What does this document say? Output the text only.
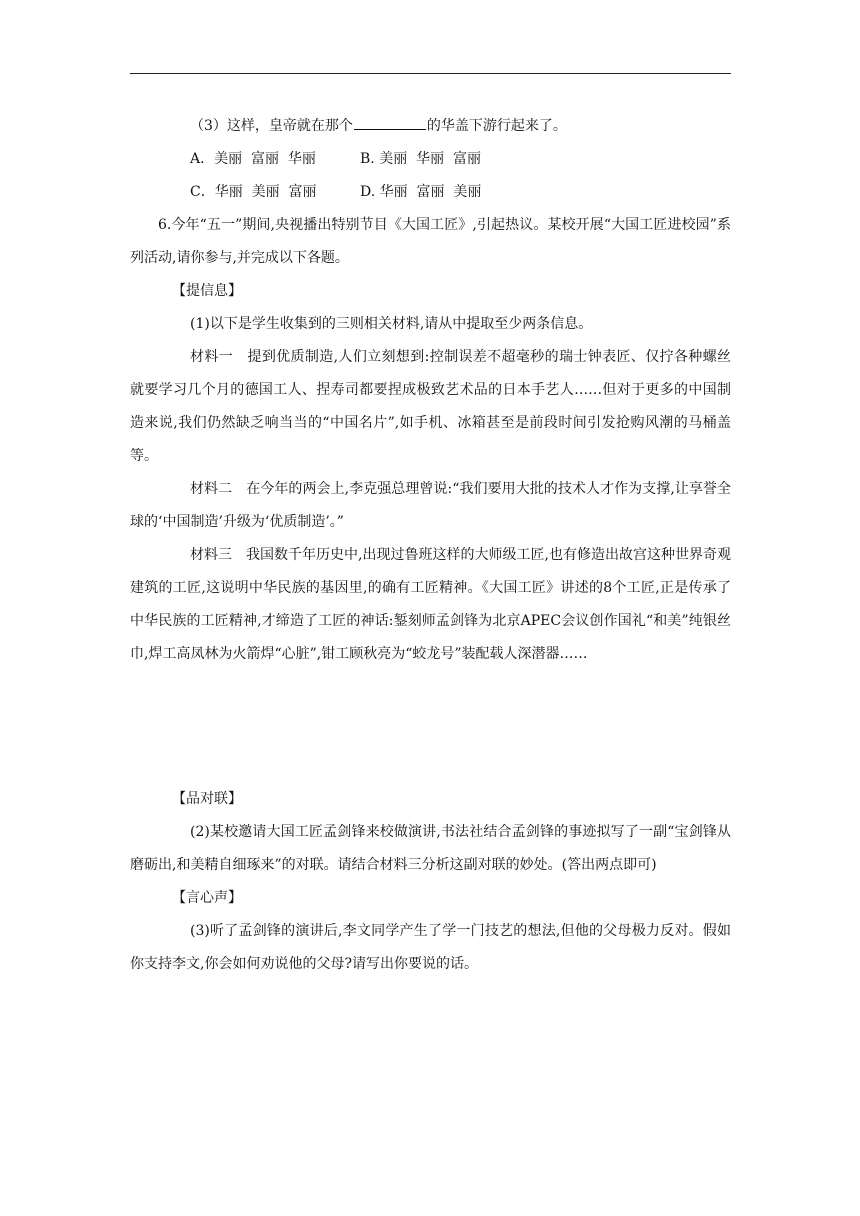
（3）这样，皇帝就在那个	的华盖下游行起来了。

A．美丽  富丽  华丽	B. 美丽  华丽  富丽
C．华丽  美丽  富丽	D. 华丽  富丽  美丽

6.今年“五一”期间,央视播出特别节目《大国工匠》,引起热议。某校开展“大国工匠进校园”系列活动,请你参与,并完成以下各题。

【提信息】

(1)以下是学生收集到的三则相关材料,请从中提取至少两条信息。

材料一　提到优质制造,人们立刻想到:控制误差不超毫秒的瑞士钟表匠、仅拧各种螺丝就要学习几个月的德国工人、捏寿司都要捏成极致艺术品的日本手艺人……但对于更多的中国制造来说,我们仍然缺乏响当当的“中国名片”,如手机、冰箱甚至是前段时间引发抢购风潮的马桶盖等。

材料二　在今年的两会上,李克强总理曾说:“我们要用大批的技术人才作为支撑,让享誉全球的‘中国制造’升级为‘优质制造’。”

材料三　我国数千年历史中,出现过鲁班这样的大师级工匠,也有修造出故宫这种世界奇观建筑的工匠,这说明中华民族的基因里,的确有工匠精神。《大国工匠》讲述的8个工匠,正是传承了中华民族的工匠精神,才缔造了工匠的神话:錾刻师孟剑锋为北京APEC会议创作国礼“和美”纯银丝巾,焊工高凤林为火箭焊“心脏”,钳工顾秋亮为“蛟龙号”装配载人深潜器……

【品对联】

(2)某校邀请大国工匠孟剑锋来校做演讲,书法社结合孟剑锋的事迹拟写了一副“宝剑锋从磨砺出,和美精自细琢来”的对联。请结合材料三分析这副对联的妙处。(答出两点即可)

【言心声】

(3)听了孟剑锋的演讲后,李文同学产生了学一门技艺的想法,但他的父母极力反对。假如你支持李文,你会如何劝说他的父母?请写出你要说的话。
